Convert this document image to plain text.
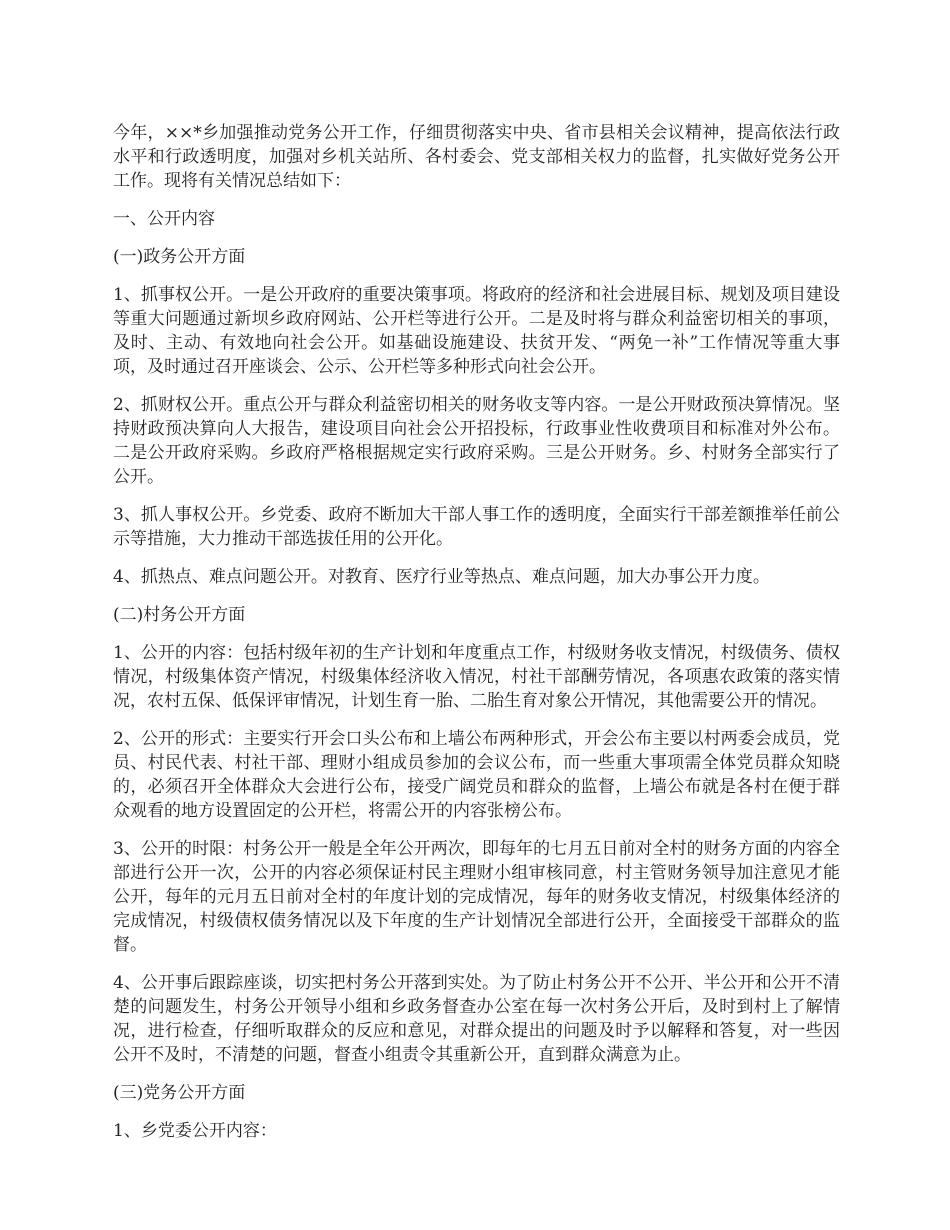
今年，××*乡加强推动党务公开工作，仔细贯彻落实中央、省市县相关会议精神，提高依法行政水平和行政透明度，加强对乡机关站所、各村委会、党支部相关权力的监督，扎实做好党务公开工作。现将有关情况总结如下：

一、公开内容

(一)政务公开方面

1、抓事权公开。一是公开政府的重要决策事项。将政府的经济和社会进展目标、规划及项目建设等重大问题通过新坝乡政府网站、公开栏等进行公开。二是及时将与群众利益密切相关的事项，及时、主动、有效地向社会公开。如基础设施建设、扶贫开发、“两免一补”工作情况等重大事项，及时通过召开座谈会、公示、公开栏等多种形式向社会公开。

2、抓财权公开。重点公开与群众利益密切相关的财务收支等内容。一是公开财政预决算情况。坚持财政预决算向人大报告，建设项目向社会公开招投标，行政事业性收费项目和标准对外公布。二是公开政府采购。乡政府严格根据规定实行政府采购。三是公开财务。乡、村财务全部实行了公开。

3、抓人事权公开。乡党委、政府不断加大干部人事工作的透明度，全面实行干部差额推举任前公示等措施，大力推动干部选拔任用的公开化。

4、抓热点、难点问题公开。对教育、医疗行业等热点、难点问题，加大办事公开力度。

(二)村务公开方面

1、公开的内容：包括村级年初的生产计划和年度重点工作，村级财务收支情况，村级债务、债权情况，村级集体资产情况，村级集体经济收入情况，村社干部酬劳情况，各项惠农政策的落实情况，农村五保、低保评审情况，计划生育一胎、二胎生育对象公开情况，其他需要公开的情况。

2、公开的形式：主要实行开会口头公布和上墙公布两种形式，开会公布主要以村两委会成员，党员、村民代表、村社干部、理财小组成员参加的会议公布，而一些重大事项需全体党员群众知晓的，必须召开全体群众大会进行公布，接受广阔党员和群众的监督，上墙公布就是各村在便于群众观看的地方设置固定的公开栏，将需公开的内容张榜公布。

3、公开的时限：村务公开一般是全年公开两次，即每年的七月五日前对全村的财务方面的内容全部进行公开一次，公开的内容必须保证村民主理财小组审核同意，村主管财务领导加注意见才能公开，每年的元月五日前对全村的年度计划的完成情况，每年的财务收支情况，村级集体经济的完成情况，村级债权债务情况以及下年度的生产计划情况全部进行公开，全面接受干部群众的监督。

4、公开事后跟踪座谈，切实把村务公开落到实处。为了防止村务公开不公开、半公开和公开不清楚的问题发生，村务公开领导小组和乡政务督查办公室在每一次村务公开后，及时到村上了解情况，进行检查，仔细听取群众的反应和意见，对群众提出的问题及时予以解释和答复，对一些因公开不及时，不清楚的问题，督查小组责令其重新公开，直到群众满意为止。

(三)党务公开方面

1、乡党委公开内容：
